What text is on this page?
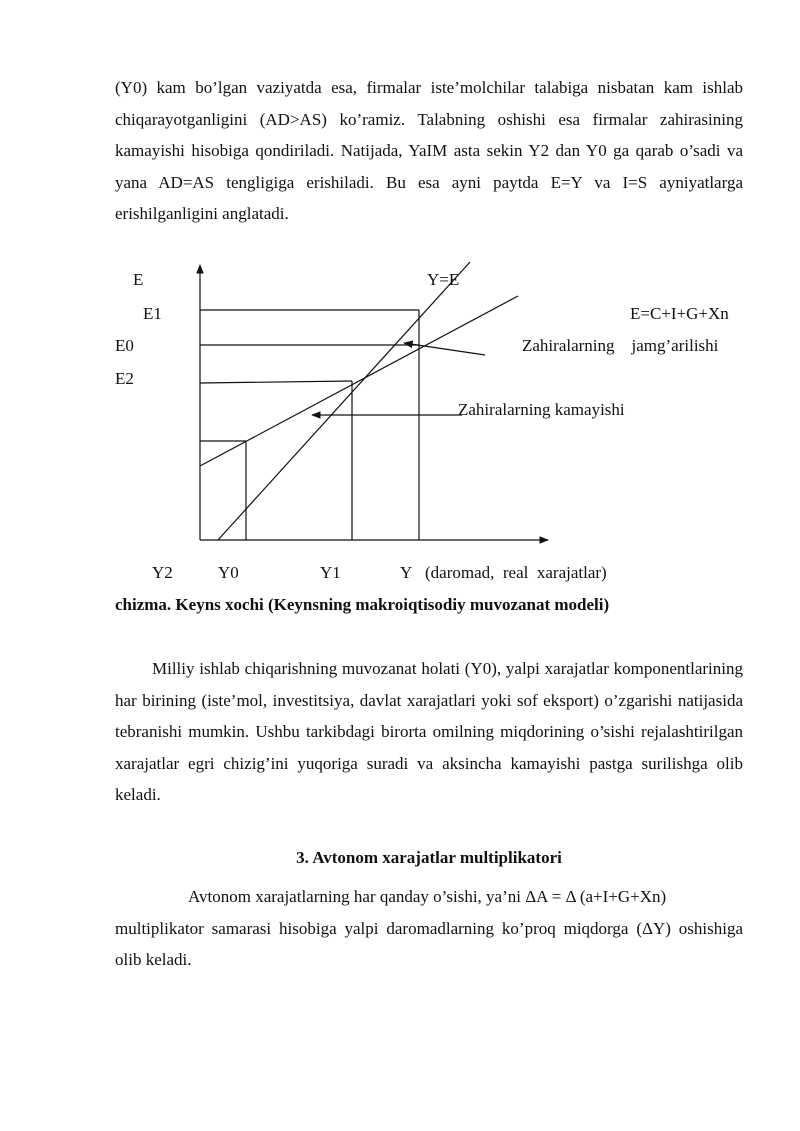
(Y0) kam bo’lgan vaziyatda esa, firmalar iste’molchilar talabiga nisbatan kam ishlab chiqarayotganligini (AD>AS) ko’ramiz. Talabning oshishi esa firmalar zahirasining kamayishi hisobiga qondiriladi. Natijada, YaIM asta sekin Y2 dan Y0 ga qarab o’sadi va yana AD=AS tengligiga erishiladi. Bu esa ayni paytda E=Y va I=S ayniyatlarga erishilganligini anglatadi.

E	Y=E
E1	E=C+I+G+Xn
E0	Zahiralarning    jamg’arilishi
E2
Zahiralarning kamayishi
Y2	Y0	Y1	Y (daromad,  real  xarajatlar)

chizma. Keyns xochi (Keynsning makroiqtisodiy muvozanat modeli)

Milliy ishlab chiqarishning muvozanat holati (Y0), yalpi xarajatlar komponentlarining har birining (iste’mol, investitsiya, davlat xarajatlari yoki sof eksport) o’zgarishi natijasida tebranishi mumkin. Ushbu tarkibdagi birorta omilning miqdorining o’sishi rejalashtirilgan xarajatlar egri chizig’ini yuqoriga suradi va aksincha kamayishi pastga surilishga olib keladi.

3. Avtonom xarajatlar multiplikatori

Avtonom xarajatlarning har qanday o’sishi, ya’ni ΔA = Δ (a+I+G+Xn)
multiplikator samarasi hisobiga yalpi daromadlarning ko’proq miqdorga (ΔY) oshishiga olib keladi.
